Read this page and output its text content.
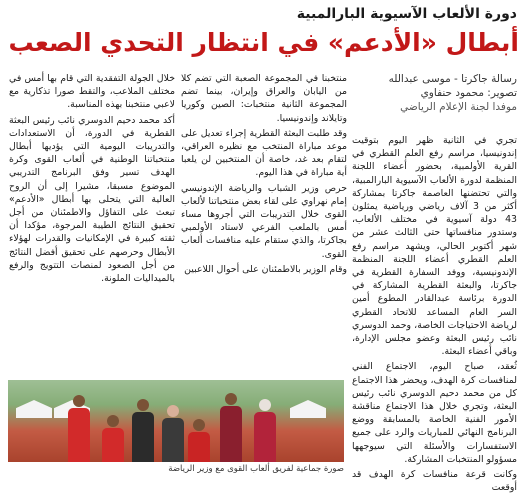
دورة الألعاب الآسيوية البارالمبية
أبطال «الأدعم» في انتظار التحدي الصعب
رسالة جاكرتا - موسى عبدالله
تصوير: محمود حنفاوي
موفدا لجنة الإعلام الرياضي

تجري في الثانية ظهر اليوم بتوقيت إندونيسيا، مراسم رفع العلم القطري في القرية الأولمبية، بحضور أعضاء اللجنة المنظمة لدورة الألعاب الآسيوية البارالمبية، والتي تحتضنها العاصمة جاكرتا بمشاركة أكثر من 3 آلاف رياضي ورياضية يمثلون 43 دولة آسيوية في مختلف الألعاب، وستدور منافساتها حتى الثالث عشر من شهر أكتوبر الحالي، ويشهد مراسم رفع العلم القطري أعضاء اللجنة المنظمة الإندونيسية، ووفد السفارة القطرية في جاكرتا، والبعثة القطرية المشاركة في الدورة برئاسة عبدالقادر المطوع أمين السر العام المساعد للاتحاد القطري لرياضة الاحتياجات الخاصة، وحمد الدوسري نائب رئيس البعثة وعضو مجلس الإدارة، وباقي أعضاء البعثة.

ثُعقد، صباح اليوم، الاجتماع الفني لمنافسات كرة الهدف، ويحضر هذا الاجتماع كل من محمد دحيم الدوسري نائب رئيس البعثة، وتجري خلال هذا الاجتماع مناقشة الأمور الفنية الخاصة بالمسابقة ووضع البرنامج النهائي للمباريات والرد على جميع الاستفسارات والأسئلة التي سيوجهها مسؤولو المنتخبات المشاركة.

وكانت قرعة منافسات كرة الهدف قد أوقعت

منتخبنا في المجموعة الصعبة التي تضم كلا من اليابان والعراق وإيران، بينما تضم المجموعة الثانية منتخبات: الصين وكوريا وتايلاند وإندونيسيا.

وقد طلبت البعثة القطرية إجراء تعديل على موعد مباراة المنتخب مع نظيره العراقي، لتقام بعد غد، خاصة أن المنتخبين لن يلعبا أية مباراة في هذا اليوم.

حرص وزير الشباب والرياضة الإندونيسي إمام نهراوي على لقاء بعض منتخباتنا لألعاب القوى خلال التدريبات التي أجروها مساء أمس بالملعب الفرعي لاستاد الأولمبي بجاكرتا، والذي ستقام عليه منافسات ألعاب القوى.

وقام الوزير بالاطمئنان على أحوال اللاعبين

خلال الجولة التفقدية التي قام بها أمس في مختلف الملاعب، والتقط صورا تذكارية مع لاعبي منتخبنا بهذه المناسبة.

أكد محمد دحيم الدوسري نائب رئيس البعثة القطرية في الدورة، أن الاستعدادات والتدريبات اليومية التي يؤديها أبطال منتخباتنا الوطنية في ألعاب القوى وكرة الهدف تسير وفق البرنامج التدريبي الموضوع مسبقا، مشيرا إلى أن الروح العالية التي يتحلى بها أبطال «الأدعم» تبعث على التفاؤل والاطمئنان من أجل تحقيق النتائج الطيبة المرجوة، مؤكدا أن ثقته كبيرة في الإمكانيات والقدرات لهؤلاء الأبطال وحرصهم على تحقيق أفضل النتائج من أجل الصعود لمنصات التتويج والرفع بالميداليات الملونة.

صورة جماعية لفريق ألعاب القوى مع وزير الرياضة
